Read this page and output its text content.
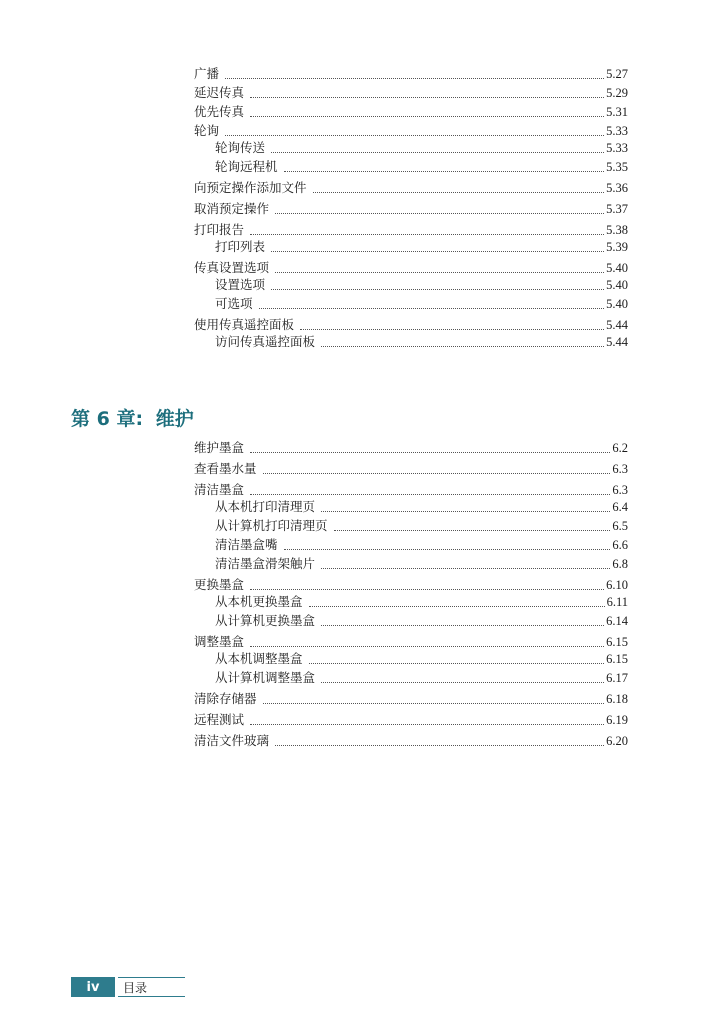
广播	5.27
延迟传真	5.29
优先传真	5.31
轮询	5.33
轮询传送	5.33
轮询远程机	5.35
向预定操作添加文件	5.36
取消预定操作	5.37
打印报告	5.38
打印列表	5.39
传真设置选项	5.40
设置选项	5.40
可选项	5.40
使用传真遥控面板	5.44
访问传真遥控面板	5.44
第 6 章: 维护
维护墨盒	6.2
查看墨水量	6.3
清洁墨盒	6.3
从本机打印清理页	6.4
从计算机打印清理页	6.5
清洁墨盒嘴	6.6
清洁墨盒滑架触片	6.8
更换墨盒	6.10
从本机更换墨盒	6.11
从计算机更换墨盒	6.14
调整墨盒	6.15
从本机调整墨盒	6.15
从计算机调整墨盒	6.17
清除存储器	6.18
远程测试	6.19
清洁文件玻璃	6.20
iv	目录
